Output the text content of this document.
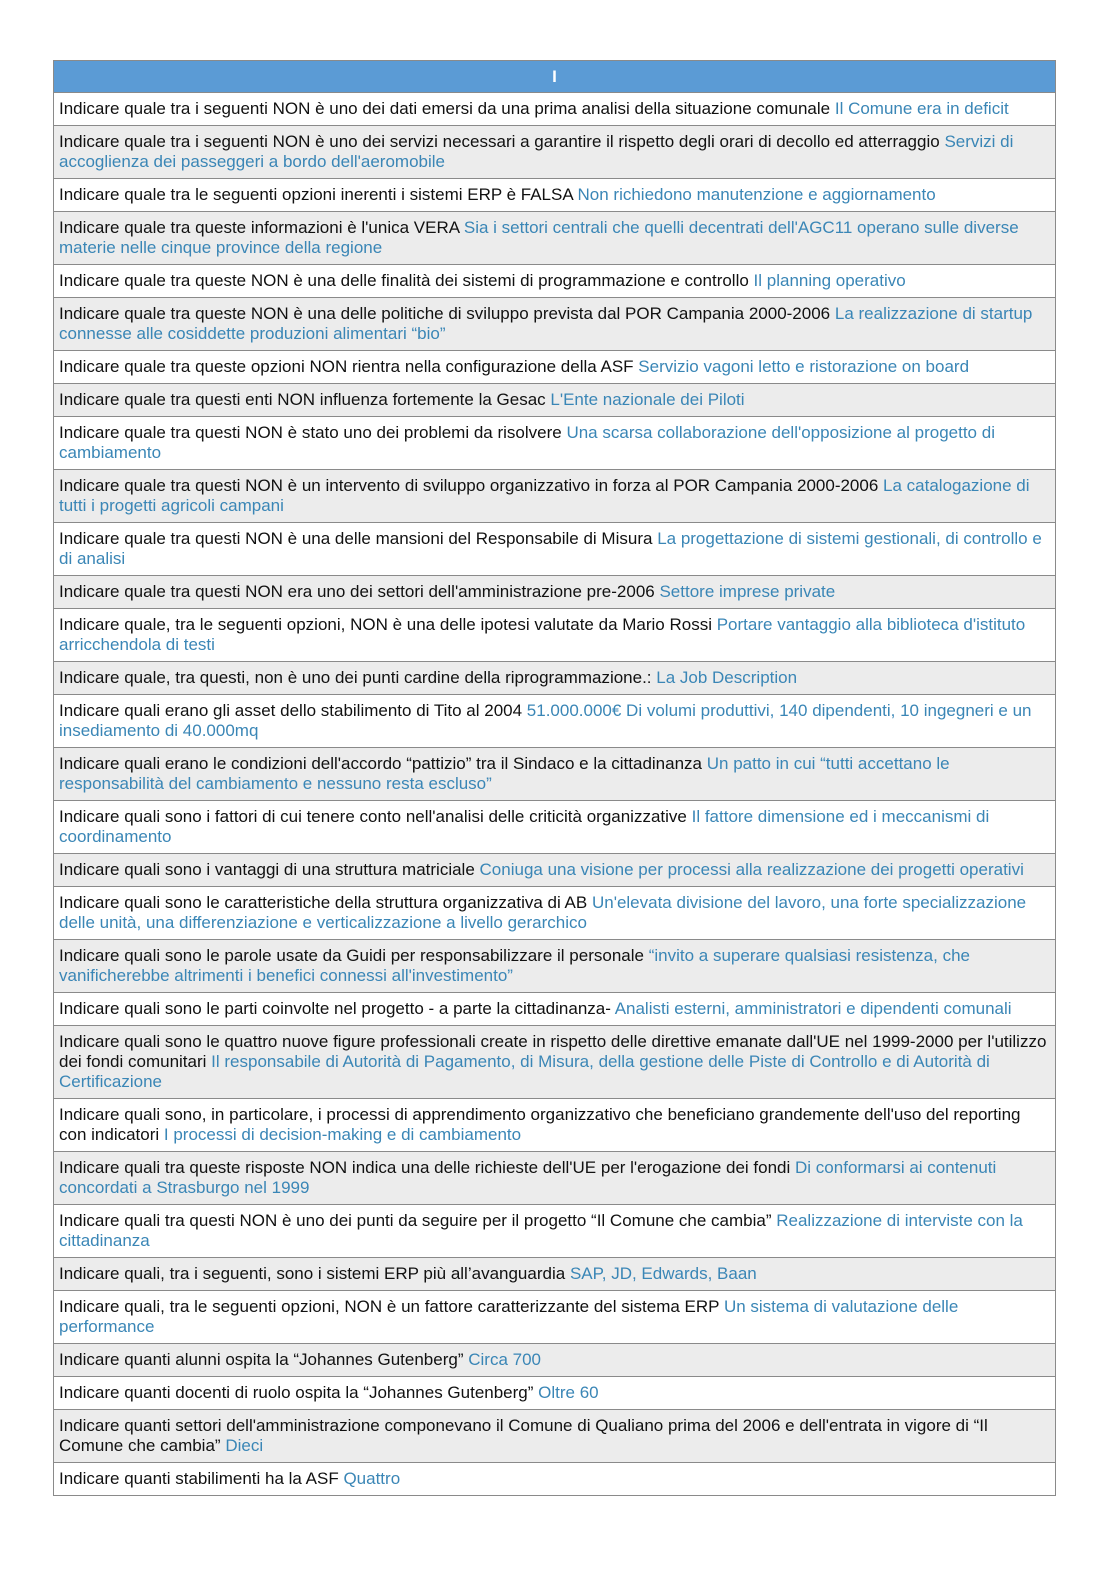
I
Indicare quale tra i seguenti NON è uno dei dati emersi da una prima analisi della situazione comunale Il Comune era in deficit
Indicare quale tra i seguenti NON è uno dei servizi necessari a garantire il rispetto degli orari di decollo ed atterraggio Servizi di accoglienza dei passeggeri a bordo dell'aeromobile
Indicare quale tra le seguenti opzioni inerenti i sistemi ERP è FALSA Non richiedono manutenzione e aggiornamento
Indicare quale tra queste informazioni è l'unica VERA Sia i settori centrali che quelli decentrati dell'AGC11 operano sulle diverse materie nelle cinque province della regione
Indicare quale tra queste NON è una delle finalità dei sistemi di programmazione e controllo Il planning operativo
Indicare quale tra queste NON è una delle politiche di sviluppo prevista dal POR Campania 2000-2006 La realizzazione di startup connesse alle cosiddette produzioni alimentari “bio”
Indicare quale tra queste opzioni NON rientra nella configurazione della ASF Servizio vagoni letto e ristorazione on board
Indicare quale tra questi enti NON influenza fortemente la Gesac L'Ente nazionale dei Piloti
Indicare quale tra questi NON è stato uno dei problemi da risolvere Una scarsa collaborazione dell'opposizione al progetto di cambiamento
Indicare quale tra questi NON è un intervento di sviluppo organizzativo in forza al POR Campania 2000-2006 La catalogazione di tutti i progetti agricoli campani
Indicare quale tra questi NON è una delle mansioni del Responsabile di Misura La progettazione di sistemi gestionali, di controllo e di analisi
Indicare quale tra questi NON era uno dei settori dell'amministrazione pre-2006 Settore imprese private
Indicare quale, tra le seguenti opzioni, NON è una delle ipotesi valutate da Mario Rossi Portare vantaggio alla biblioteca d'istituto arricchendola di testi
Indicare quale, tra questi, non è uno dei punti cardine della riprogrammazione.: La Job Description
Indicare quali erano gli asset dello stabilimento di Tito al 2004 51.000.000€ Di volumi produttivi, 140 dipendenti, 10 ingegneri e un insediamento di 40.000mq
Indicare quali erano le condizioni dell'accordo “pattizio” tra il Sindaco e la cittadinanza Un patto in cui “tutti accettano le responsabilità del cambiamento e nessuno resta escluso”
Indicare quali sono i fattori di cui tenere conto nell'analisi delle criticità organizzative Il fattore dimensione ed i meccanismi di coordinamento
Indicare quali sono i vantaggi di una struttura matriciale Coniuga una visione per processi alla realizzazione dei progetti operativi
Indicare quali sono le caratteristiche della struttura organizzativa di AB Un'elevata divisione del lavoro, una forte specializzazione delle unità, una differenziazione e verticalizzazione a livello gerarchico
Indicare quali sono le parole usate da Guidi per responsabilizzare il personale “invito a superare qualsiasi resistenza, che vanificherebbe altrimenti i benefici connessi all'investimento”
Indicare quali sono le parti coinvolte nel progetto - a parte la cittadinanza- Analisti esterni, amministratori e dipendenti comunali
Indicare quali sono le quattro nuove figure professionali create in rispetto delle direttive emanate dall'UE nel 1999-2000 per l'utilizzo dei fondi comunitari Il responsabile di Autorità di Pagamento, di Misura, della gestione delle Piste di Controllo e di Autorità di Certificazione
Indicare quali sono, in particolare, i processi di apprendimento organizzativo che beneficiano grandemente dell'uso del reporting con indicatori I processi di decision-making e di cambiamento
Indicare quali tra queste risposte NON indica una delle richieste dell'UE per l'erogazione dei fondi Di conformarsi ai contenuti concordati a Strasburgo nel 1999
Indicare quali tra questi NON è uno dei punti da seguire per il progetto “Il Comune che cambia” Realizzazione di interviste con la cittadinanza
Indicare quali, tra i seguenti, sono i sistemi ERP più all’avanguardia SAP, JD, Edwards, Baan
Indicare quali, tra le seguenti opzioni, NON è un fattore caratterizzante del sistema ERP Un sistema di valutazione delle performance
Indicare quanti alunni ospita la “Johannes Gutenberg” Circa 700
Indicare quanti docenti di ruolo ospita la “Johannes Gutenberg” Oltre 60
Indicare quanti settori dell'amministrazione componevano il Comune di Qualiano prima del 2006 e dell'entrata in vigore di “Il Comune che cambia” Dieci
Indicare quanti stabilimenti ha la ASF Quattro
